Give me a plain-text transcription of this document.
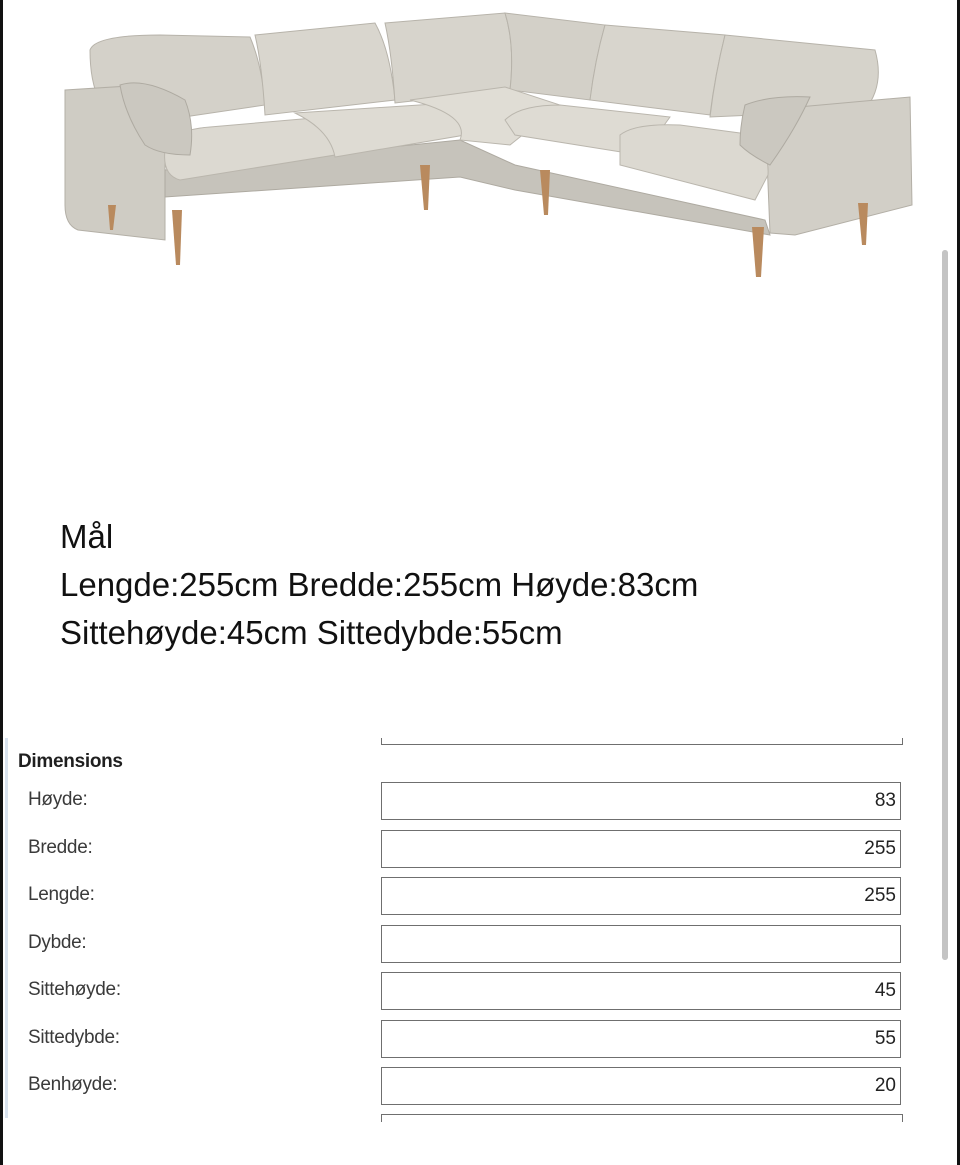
Mål
Lengde:255cm Bredde:255cm Høyde:83cm
Sittehøyde:45cm Sittedybde:55cm
Dimensions
Høyde:
83
Bredde:
255
Lengde:
255
Dybde:
Sittehøyde:
45
Sittedybde:
55
Benhøyde:
20
